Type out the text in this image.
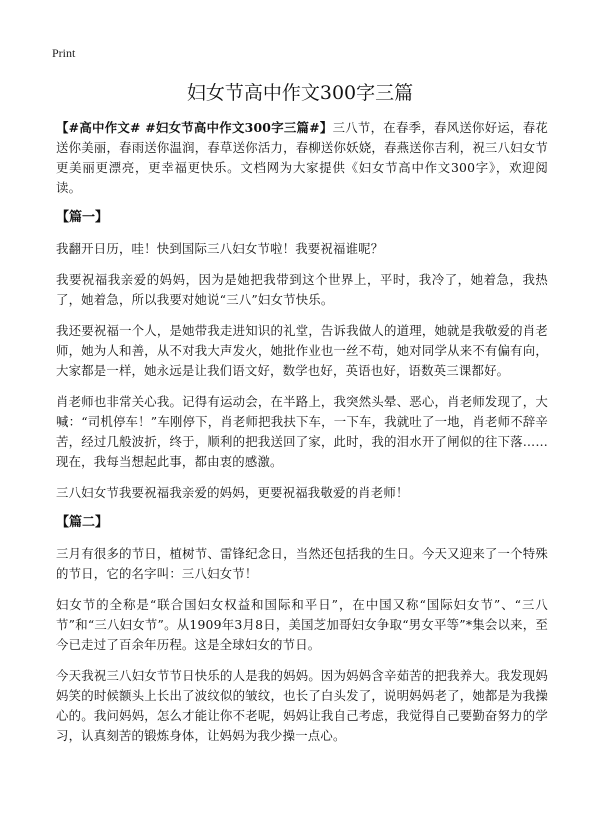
Print
妇女节高中作文300字三篇

【#高中作文# #妇女节高中作文300字三篇#】三八节，在春季，春风送你好运，春花送你美丽，春雨送你温润，春草送你活力，春柳送你妖娆，春燕送你吉利，祝三八妇女节更美丽更漂亮，更幸福更快乐。文档网为大家提供《妇女节高中作文300字》，欢迎阅读。

【篇一】

我翻开日历，哇！快到国际三八妇女节啦！我要祝福谁呢？

我要祝福我亲爱的妈妈，因为是她把我带到这个世界上，平时，我冷了，她着急，我热了，她着急，所以我要对她说“三八”妇女节快乐。

我还要祝福一个人，是她带我走进知识的礼堂，告诉我做人的道理，她就是我敬爱的肖老师，她为人和善，从不对我大声发火，她批作业也一丝不苟，她对同学从来不有偏有向，大家都是一样，她永远是让我们语文好，数学也好，英语也好，语数英三课都好。

肖老师也非常关心我。记得有运动会，在半路上，我突然头晕、恶心，肖老师发现了，大喊：“司机停车！”车刚停下，肖老师把我扶下车，一下车，我就吐了一地，肖老师不辞辛苦，经过几般波折，终于，顺利的把我送回了家，此时，我的泪水开了闸似的往下落……现在，我每当想起此事，都由衷的感激。

三八妇女节我要祝福我亲爱的妈妈，更要祝福我敬爱的肖老师！

【篇二】

三月有很多的节日，植树节、雷锋纪念日，当然还包括我的生日。今天又迎来了一个特殊的节日，它的名字叫：三八妇女节！

妇女节的全称是“联合国妇女权益和国际和平日”，在中国又称“国际妇女节”、“三八节”和“三八妇女节”。从1909年3月8日，美国芝加哥妇女争取“男女平等”*集会以来，至今已走过了百余年历程。这是全球妇女的节日。

今天我祝三八妇女节节日快乐的人是我的妈妈。因为妈妈含辛茹苦的把我养大。我发现妈妈笑的时候额头上长出了波纹似的皱纹，也长了白头发了，说明妈妈老了，她都是为我操心的。我问妈妈，怎么才能让你不老呢，妈妈让我自己考虑，我觉得自己要勤奋努力的学习，认真刻苦的锻炼身体，让妈妈为我少操一点心。
